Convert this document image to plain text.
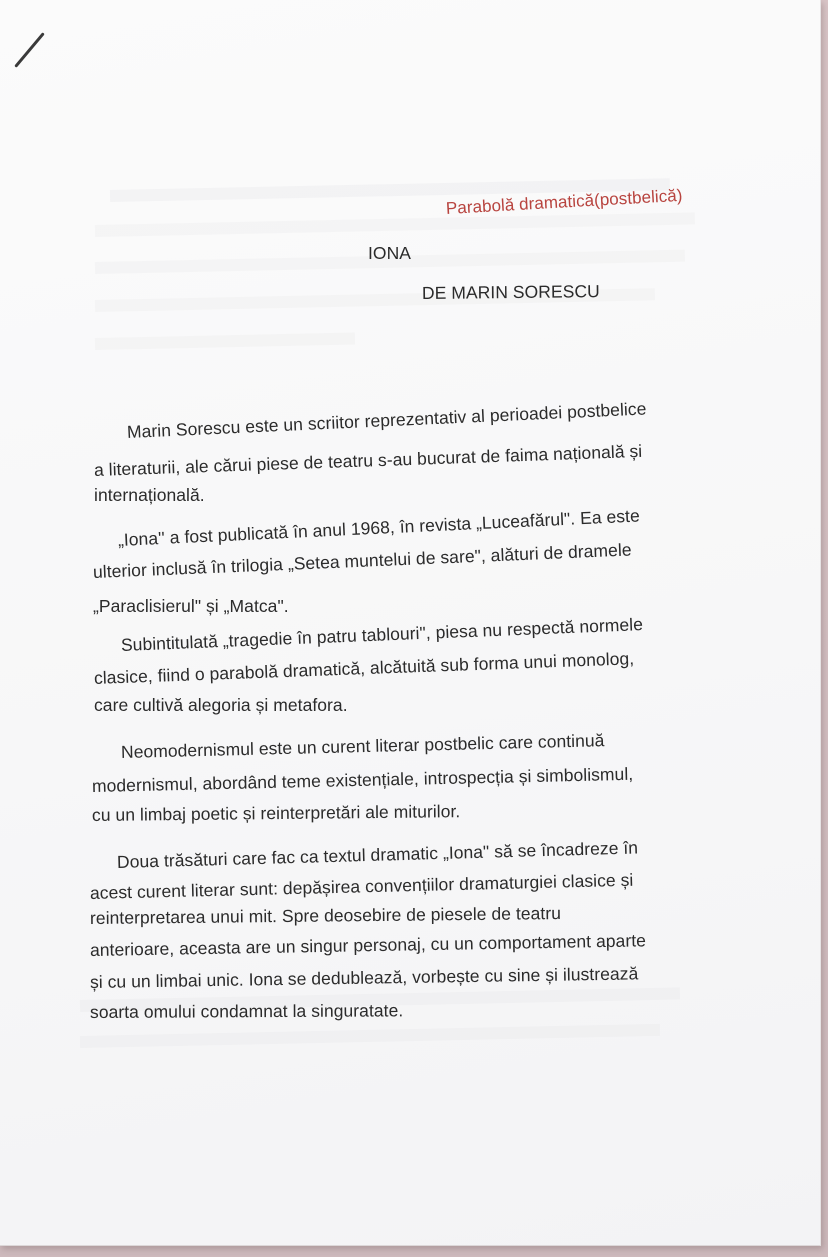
Parabolă dramatică(postbelică)
IONA
DE MARIN SORESCU
Marin Sorescu este un scriitor reprezentativ al perioadei postbelice
a literaturii, ale cărui piese de teatru s-au bucurat de faima națională și
internațională.
„Iona'' a fost publicată în anul 1968, în revista „Luceafărul". Ea este
ulterior inclusă în trilogia „Setea muntelui de sare", alături de dramele
„Paraclisierul" și „Matca".
Subintitulată „tragedie în patru tablouri", piesa nu respectă normele
clasice, fiind o parabolă dramatică, alcătuită sub forma unui monolog,
care cultivă alegoria și metafora.
Neomodernismul este un curent literar postbelic care continuă
modernismul, abordând teme existențiale, introspecția și simbolismul,
cu un limbaj poetic și reinterpretări ale miturilor.
Doua trăsături care fac ca textul dramatic „Iona" să se încadreze în
acest curent literar sunt: depășirea convențiilor dramaturgiei clasice și
reinterpretarea unui mit. Spre deosebire de piesele de teatru
anterioare, aceasta are un singur personaj, cu un comportament aparte
și cu un limbai unic. Iona se dedublează, vorbește cu sine și ilustrează
soarta omului condamnat la singuratate.
